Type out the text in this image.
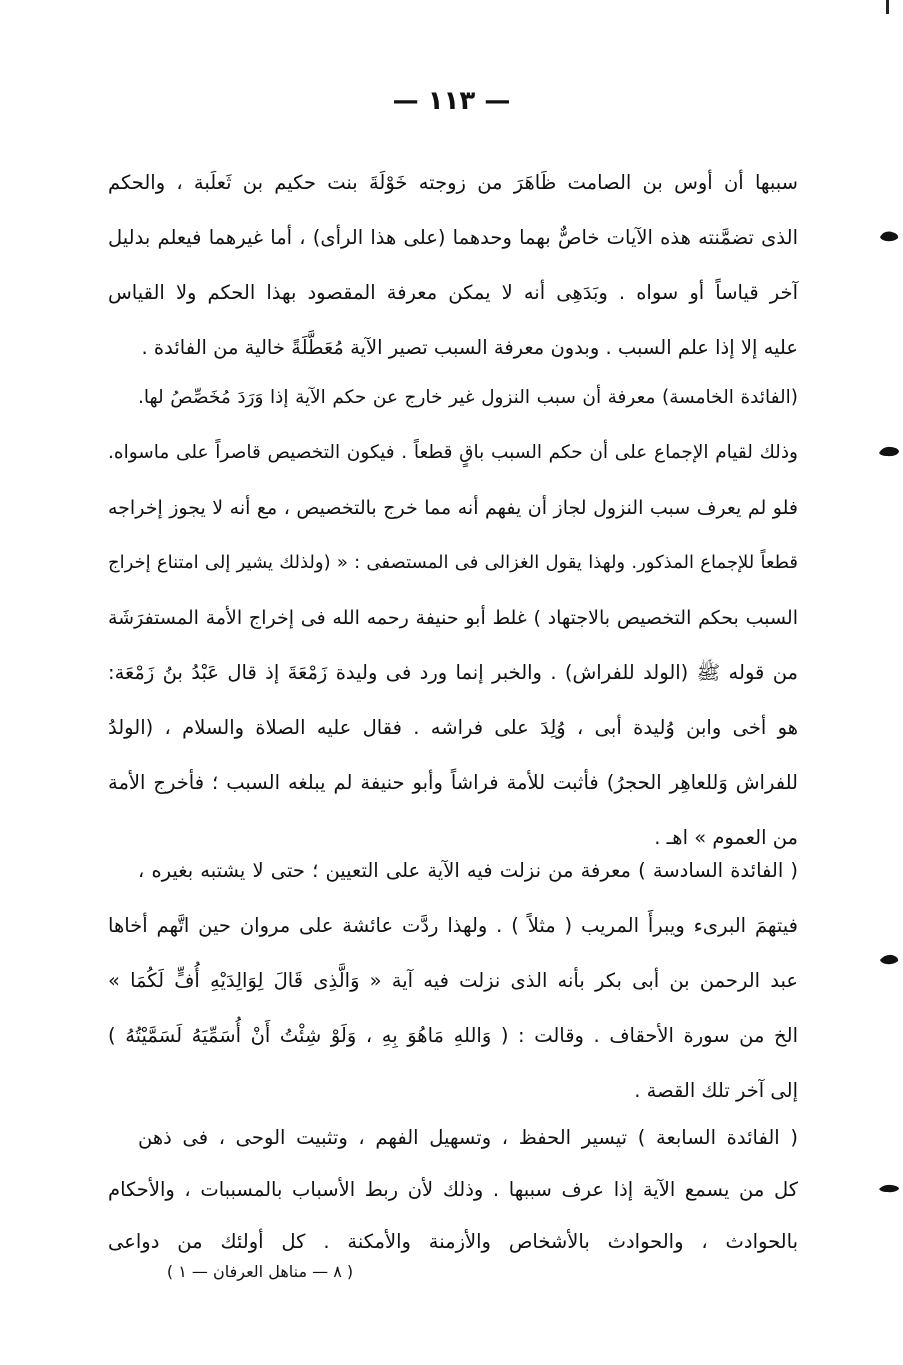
— ١١٣ —
سببها أن أوس بن الصامت ظَاهَرَ من زوجته خَوْلَةَ بنت حكيم بن ثَعلَبة ، والحكم
الذى تضمَّنته هذه الآيات خاصٌّ بهما وحدهما (على هذا الرأى) ، أما غيرهما فيعلم بدليل
آخر قياساً أو سواه . وبَدَهِى أنه لا يمكن معرفة المقصود بهذا الحكم ولا القياس
عليه إلا إذا علم السبب . وبدون معرفة السبب تصير الآية مُعَطَّلَةً خالية من الفائدة .
(الفائدة الخامسة) معرفة أن سبب النزول غير خارج عن حكم الآية إذا وَرَدَ مُخَصِّصُ لها.
وذلك لقيام الإجماع على أن حكم السبب باقٍ قطعاً . فيكون التخصيص قاصراً على ماسواه.
فلو لم يعرف سبب النزول لجاز أن يفهم أنه مما خرج بالتخصيص ، مع أنه لا يجوز إخراجه
قطعاً للإجماع المذكور. ولهذا يقول الغزالى فى المستصفى : « (ولذلك يشير إلى امتناع إخراج
السبب بحكم التخصيص بالاجتهاد ) غلط أبو حنيفة رحمه الله فى إخراج الأمة المستفرَشَة
من قوله ﷺ (الولد للفراش) . والخبر إنما ورد فى وليدة زَمْعَةَ إذ قال عَبْدُ بنُ زَمْعَة:
هو أخى وابن وُليدة أبى ، وُلِدَ على فراشه . فقال عليه الصلاة والسلام ، (الولدُ
للفراش وَللعاهِر الحجرُ) فأثبت للأمة فراشاً وأبو حنيفة لم يبلغه السبب ؛ فأخرج الأمة
من العموم » اهـ .
( الفائدة السادسة ) معرفة من نزلت فيه الآية على التعيين ؛ حتى لا يشتبه بغيره ،
فيتهمَ البرىء ويبرأَ المريب ( مثلاً ) . ولهذا ردَّت عائشة على مروان حين اتَّهم أخاها
عبد الرحمن بن أبى بكر بأنه الذى نزلت فيه آية « وَالَّذِى قَالَ لِوَالِدَيْهِ أُفٍّ لَكُمَا »
الخ من سورة الأحقاف . وقالت : ( وَاللهِ مَاهُوَ بِهِ ، وَلَوْ شِئْتُ أَنْ أُسَمِّيَهُ لَسَمَّيْتُهُ )
إلى آخر تلك القصة .
( الفائدة السابعة ) تيسير الحفظ ، وتسهيل الفهم ، وتثبيت الوحى ، فى ذهن
كل من يسمع الآية إذا عرف سببها . وذلك لأن ربط الأسباب بالمسببات ، والأحكام
بالحوادث ، والحوادث بالأشخاص والأزمنة والأمكنة . كل أولئك من دواعى
( ٨ — مناهل العرفان — ١ )
